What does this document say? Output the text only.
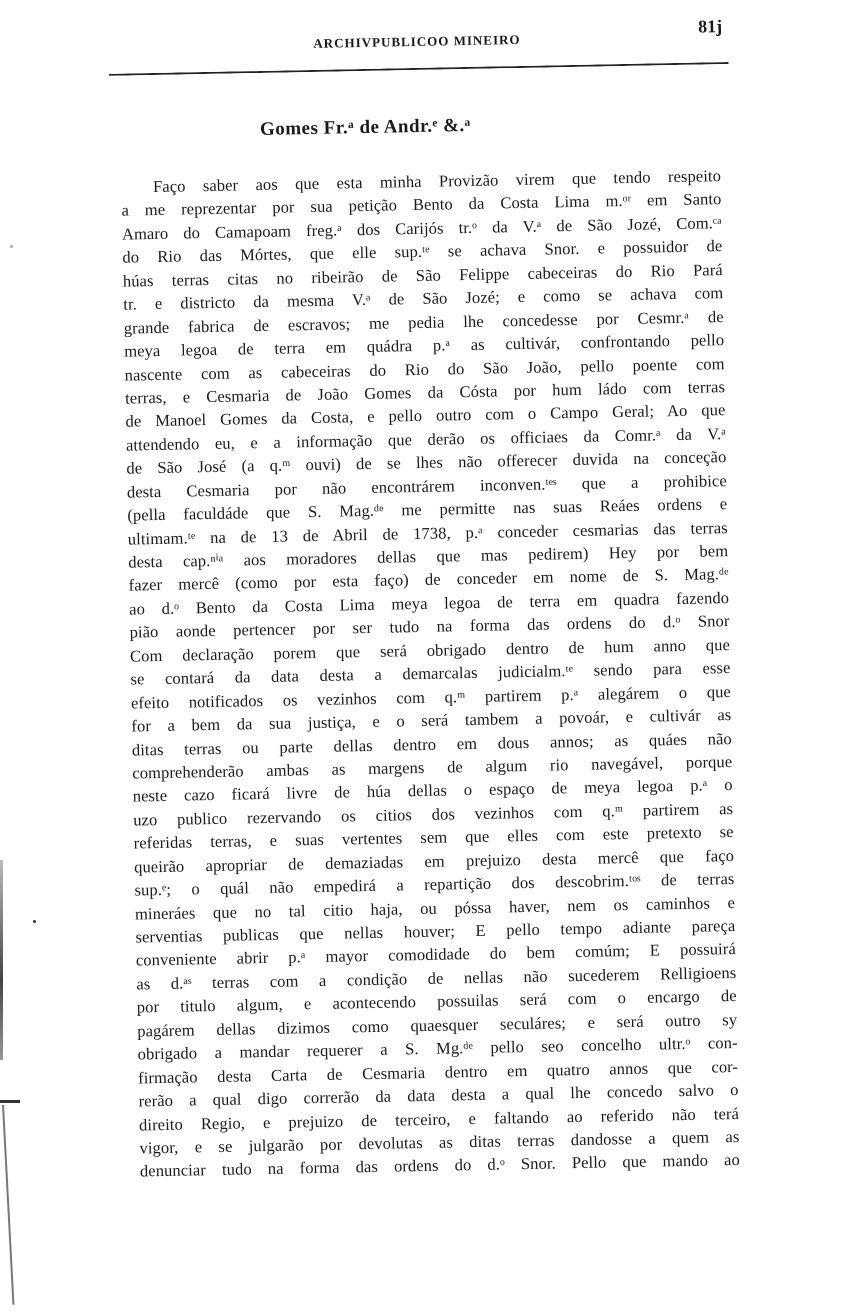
ARCHIVPUBLICOO MINEIRO
81j
Gomes Fr.ᵃ de Andr.ᵉ &.ᵃ
Faço saber aos que esta minha Provizão virem que tendo respeito
a me reprezentar por sua petição Bento da Costa Lima m.ᵒʳ em Santo
Amaro do Camapoam freg.ᵃ dos Carijós tr.ᵒ da V.ᵃ de São Jozé, Com.ᶜᵃ
do Rio das Mórtes, que elle sup.ᵗᵉ se achava Snor. e possuidor de
húas terras citas no ribeirão de São Felippe cabeceiras do Rio Pará
tr. e districto da mesma V.ᵃ de São Jozé; e como se achava com
grande fabrica de escravos; me pedia lhe concedesse por Cesmr.ᵃ de
meya legoa de terra em quádra p.ᵃ as cultivár, confrontando pello
nascente com as cabeceiras do Rio do São João, pello poente com
terras, e Cesmaria de João Gomes da Cósta por hum ládo com terras
de Manoel Gomes da Costa, e pello outro com o Campo Geral; Ao que
attendendo eu, e a informação que derão os officiaes da Comr.ᵃ da V.ᵃ
de São José (a q.ᵐ ouvi) de se lhes não offerecer duvida na conceção
desta Cesmaria por não encontrárem inconven.ᵗᵉˢ que a prohibice
(pella faculdáde que S. Mag.ᵈᵉ me permitte nas suas Reáes ordens e
ultimam.ᵗᵉ na de 13 de Abril de 1738, p.ᵃ conceder cesmarias das terras
desta cap.ⁿⁱᵃ aos moradores dellas que mas pedirem) Hey por bem
fazer mercê (como por esta faço) de conceder em nome de S. Mag.ᵈᵉ
ao d.ᵒ Bento da Costa Lima meya legoa de terra em quadra fazendo
pião aonde pertencer por ser tudo na forma das ordens do d.ᵒ Snor
Com declaração porem que será obrigado dentro de hum anno que
se contará da data desta a demarcalas judicialm.ᵗᵉ sendo para esse
efeito notificados os vezinhos com q.ᵐ partirem p.ᵃ alegárem o que
for a bem da sua justiça, e o será tambem a povoár, e cultivár as
ditas terras ou parte dellas dentro em dous annos; as quáes não
comprehenderão ambas as margens de algum rio navegável, porque
neste cazo ficará livre de húa dellas o espaço de meya legoa p.ᵃ o
uzo publico rezervando os citios dos vezinhos com q.ᵐ partirem as
referidas terras, e suas vertentes sem que elles com este pretexto se
queirão apropriar de demaziadas em prejuizo desta mercê que faço
sup.ᵉ; o quál não empedirá a repartição dos descobrim.ᵗᵒˢ de terras
mineráes que no tal citio haja, ou póssa haver, nem os caminhos e
serventias publicas que nellas houver; E pello tempo adiante pareça
conveniente abrir p.ᵃ mayor comodidade do bem comúm; E possuirá
as d.ᵃˢ terras com a condição de nellas não sucederem Relligioens
por titulo algum, e acontecendo possuilas será com o encargo de
pagárem dellas dizimos como quaesquer seculáres; e será outro sy
obrigado a mandar requerer a S. Mg.ᵈᵉ pello seo concelho ultr.ᵒ con-
firmação desta Carta de Cesmaria dentro em quatro annos que cor-
rerão a qual digo correrão da data desta a qual lhe concedo salvo o
direito Regio, e prejuizo de terceiro, e faltando ao referido não terá
vigor, e se julgarão por devolutas as ditas terras dandosse a quem as
denunciar tudo na forma das ordens do d.ᵒ Snor. Pello que mando ao
